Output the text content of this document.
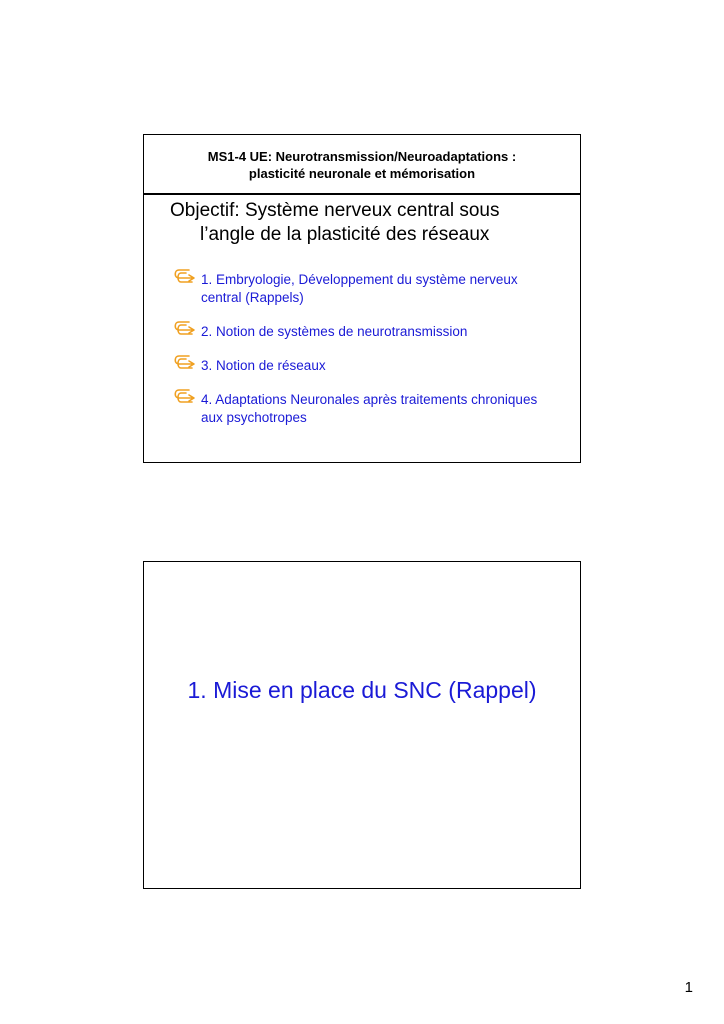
MS1-4 UE: Neurotransmission/Neuroadaptations :
plasticité neuronale et mémorisation
Objectif: Système nerveux central sous
l’angle de la plasticité des réseaux
1. Embryologie, Développement du système nerveux
central (Rappels)
2. Notion de systèmes de neurotransmission
3. Notion de réseaux
4. Adaptations Neuronales après traitements chroniques
aux psychotropes
1. Mise en place du SNC (Rappel)
1
